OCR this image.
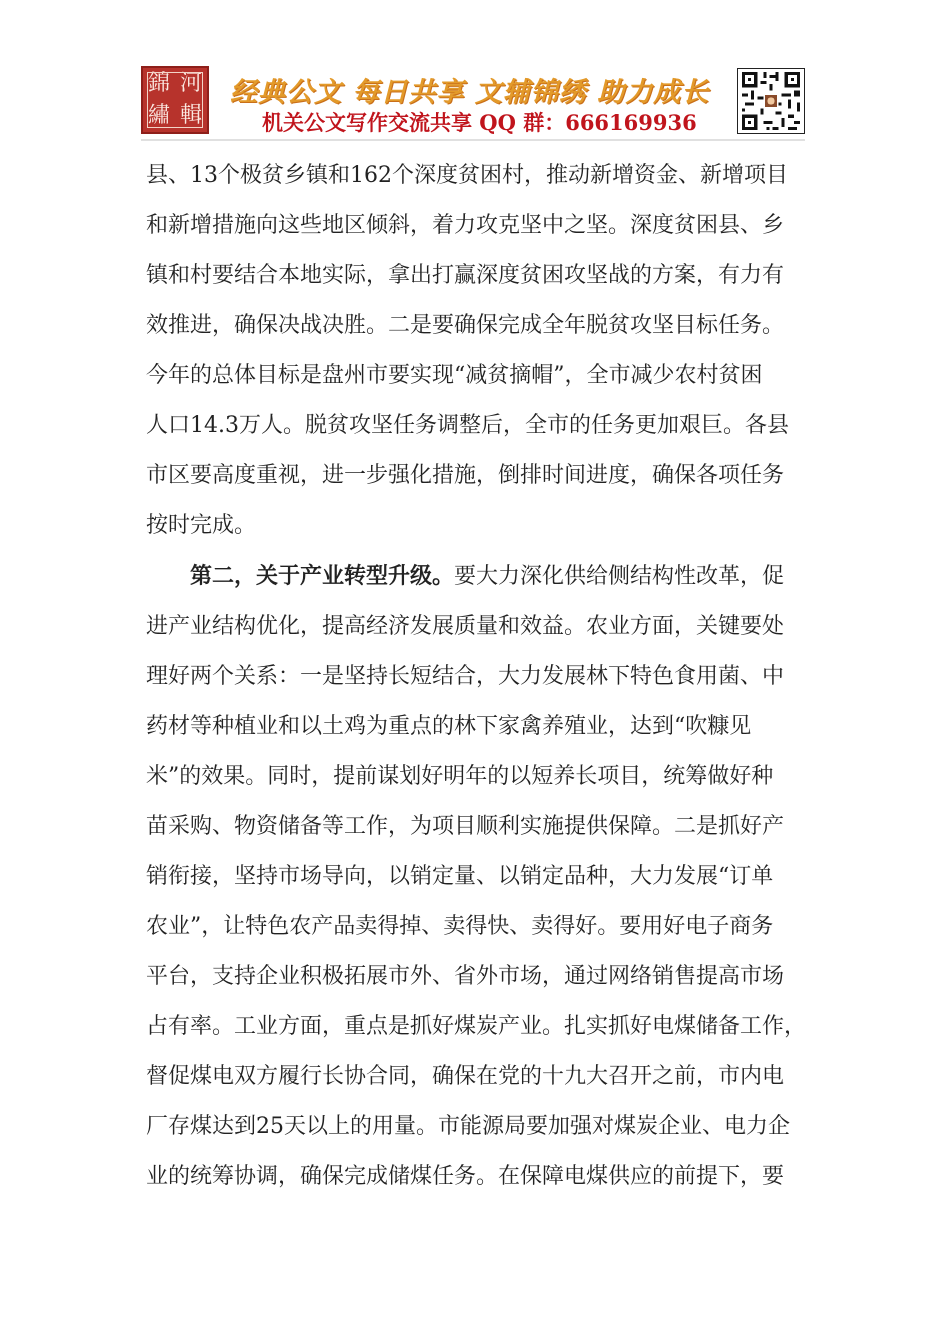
錦 河
繡 輯
经典公文 每日共享 文辅锦绣 助力成长
机关公文写作交流共享 QQ 群：666169936
县、13个极贫乡镇和162个深度贫困村，推动新增资金、新增项目
和新增措施向这些地区倾斜，着力攻克坚中之坚。深度贫困县、乡
镇和村要结合本地实际，拿出打赢深度贫困攻坚战的方案，有力有
效推进，确保决战决胜。二是要确保完成全年脱贫攻坚目标任务。
今年的总体目标是盘州市要实现“减贫摘帽”，全市减少农村贫困
人口14.3万人。脱贫攻坚任务调整后，全市的任务更加艰巨。各县
市区要高度重视，进一步强化措施，倒排时间进度，确保各项任务
按时完成。
第二，关于产业转型升级。要大力深化供给侧结构性改革，促
进产业结构优化，提高经济发展质量和效益。农业方面，关键要处
理好两个关系：一是坚持长短结合，大力发展林下特色食用菌、中
药材等种植业和以土鸡为重点的林下家禽养殖业，达到“吹糠见
米”的效果。同时，提前谋划好明年的以短养长项目，统筹做好种
苗采购、物资储备等工作，为项目顺利实施提供保障。二是抓好产
销衔接，坚持市场导向，以销定量、以销定品种，大力发展“订单
农业”，让特色农产品卖得掉、卖得快、卖得好。要用好电子商务
平台，支持企业积极拓展市外、省外市场，通过网络销售提高市场
占有率。工业方面，重点是抓好煤炭产业。扎实抓好电煤储备工作，
督促煤电双方履行长协合同，确保在党的十九大召开之前，市内电
厂存煤达到25天以上的用量。市能源局要加强对煤炭企业、电力企
业的统筹协调，确保完成储煤任务。在保障电煤供应的前提下，要
